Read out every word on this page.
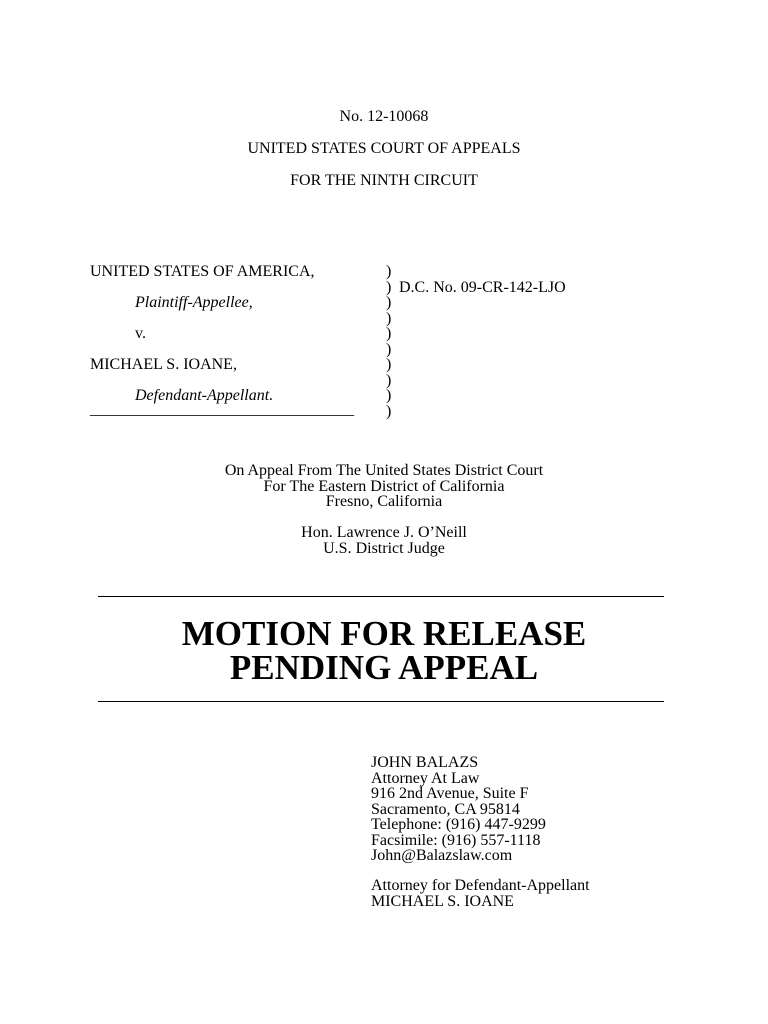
No. 12-10068
UNITED STATES COURT OF APPEALS
FOR THE NINTH CIRCUIT
UNITED STATES OF AMERICA,
Plaintiff-Appellee,
v.
MICHAEL S. IOANE,
Defendant-Appellant.
_________________________________
)
)
)
)
)
)
)
)
)
)
D.C. No. 09-CR-142-LJO
On Appeal From The United States District Court
For The Eastern District of California
Fresno, California
Hon. Lawrence J. O’Neill
U.S. District Judge
MOTION FOR RELEASE
PENDING APPEAL
JOHN BALAZS
Attorney At Law
916 2nd Avenue, Suite F
Sacramento, CA 95814
Telephone: (916) 447-9299
Facsimile: (916) 557-1118
John@Balazslaw.com
Attorney for Defendant-Appellant
MICHAEL S. IOANE
